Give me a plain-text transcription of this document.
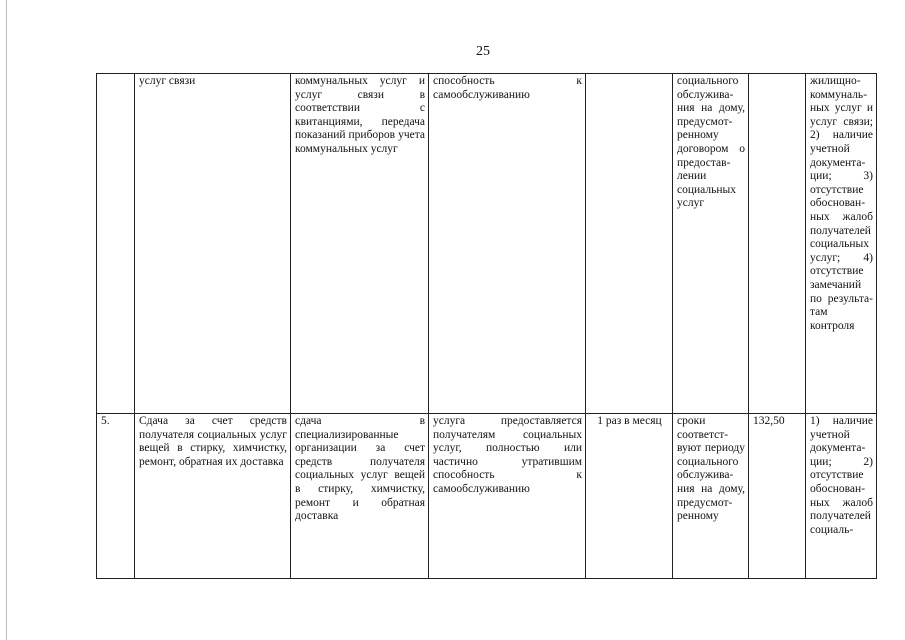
25
	услуг связи	коммунальных услуг и услуг связи в соответствии с квитанциями, передача показаний приборов учета коммунальных услуг	способность к самообслуживанию		социального обслуживания на дому, предусмотренному договором о предоставлении социальных услуг		жилищно-коммунальных услуг и услуг связи; 2) наличие учетной документации; 3) отсутствие обоснованных жалоб получателей социальных услуг; 4) отсутствие замечаний по результатам контроля
5.	Сдача за счет средств получателя социальных услуг вещей в стирку, химчистку, ремонт, обратная их доставка	сдача в специализированные организации за счет средств получателя социальных услуг вещей в стирку, химчистку, ремонт и обратная доставка	услуга предоставляется получателям социальных услуг, полностью или частично утратившим способность к самообслуживанию	1 раз в месяц	сроки соответствуют периоду социального обслуживания на дому, предусмотренному	132,50	1) наличие учетной документации; 2) отсутствие обоснованных жалоб получателей социаль-
